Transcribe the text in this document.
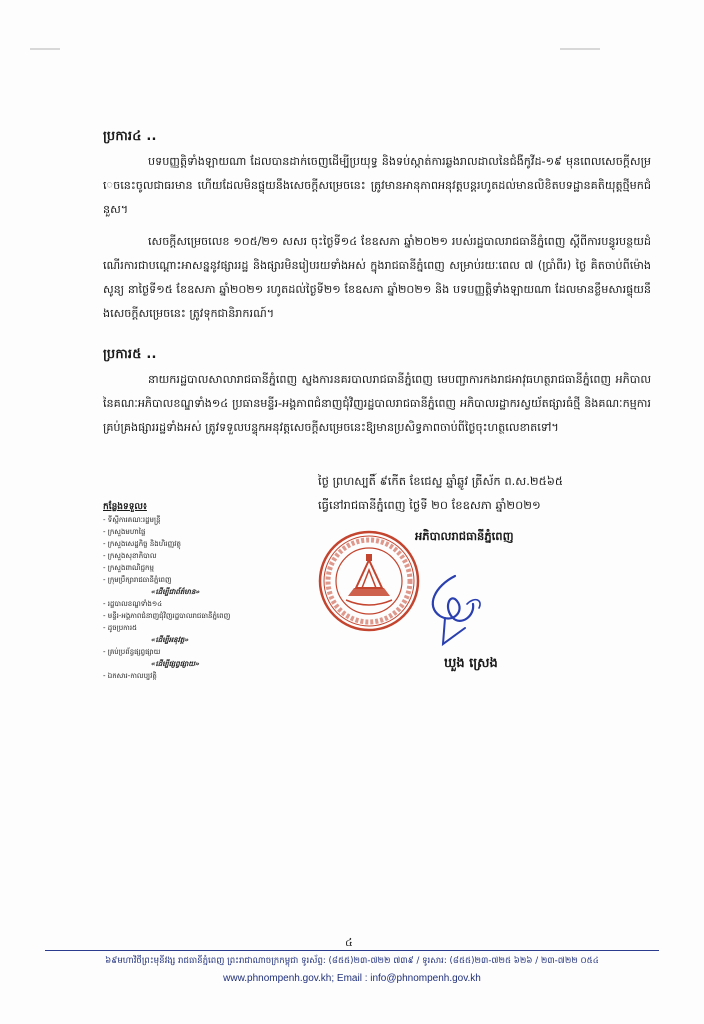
ប្រការ៤ ..
បទបញ្ញត្តិទាំងឡាយណា ដែលបានដាក់ចេញដើម្បីប្រយុទ្ធ និងទប់ស្កាត់ការឆ្លងរាលដាលនៃជំងឺកូវីដ-១៩ មុនពេលសេចក្ដីសម្រេចនេះចូលជាធរមាន ហើយដែលមិនផ្ទុយនឹងសេចក្ដីសម្រេចនេះ ត្រូវមានអានុភាពអនុវត្តបន្តរហូតដល់មានលិខិតបទដ្ឋានគតិយុត្តថ្មីមកជំនួស។
សេចក្ដីសម្រេចលេខ ១០៥/២១ សសរ ចុះថ្ងៃទី១៤ ខែឧសភា ឆ្នាំ២០២១ របស់រដ្ឋបាលរាជធានីភ្នំពេញ ស្ដីពីការបន្ធូរបន្ថយដំណើរការជាបណ្ដោះអាសន្ននូវផ្សាររដ្ឋ និងផ្សារមិនរៀបរយទាំងអស់ ក្នុងរាជធានីភ្នំពេញ សម្រាប់រយៈពេល ៧ (ប្រាំពីរ) ថ្ងៃ គិតចាប់ពីម៉ោងសូន្យ នាថ្ងៃទី១៥ ខែឧសភា ឆ្នាំ២០២១ រហូតដល់ថ្ងៃទី២១ ខែឧសភា ឆ្នាំ២០២១ និង បទបញ្ញត្តិទាំងឡាយណា ដែលមានខ្លឹមសារផ្ទុយនឹងសេចក្ដីសម្រេចនេះ ត្រូវទុកជានិរាករណ៍។
ប្រការ៥ ..
នាយករដ្ឋបាលសាលារាជធានីភ្នំពេញ ស្នងការនគរបាលរាជធានីភ្នំពេញ មេបញ្ជាការកងរាជអាវុធហត្ថរាជធានីភ្នំពេញ អភិបាល នៃគណៈអភិបាលខណ្ឌទាំង១៤ ប្រធានមន្ទីរ-អង្គភាពជំនាញជុំវិញរដ្ឋបាលរាជធានីភ្នំពេញ អភិបាលរដ្ឋាករស្វយ័តផ្សារធំថ្មី និងគណៈកម្មការគ្រប់គ្រងផ្សាររដ្ឋទាំងអស់ ត្រូវទទួលបន្ទុកអនុវត្តសេចក្ដីសម្រេចនេះឱ្យមានប្រសិទ្ធភាពចាប់ពីថ្ងៃចុះហត្ថលេខាតទៅ។
ថ្ងៃ ព្រហស្បតិ៍ ៩កើត ខែជេស្ឋ ឆ្នាំឆ្លូវ ត្រីស័ក ព.ស.២៥៦៥
ធ្វើនៅរាជធានីភ្នំពេញ ថ្ងៃទី ២០ ខែឧសភា ឆ្នាំ២០២១
កន្លែងទទួល៖
- ទីស្ដីការគណៈរដ្ឋមន្ត្រី
- ក្រសួងមហាផ្ទៃ
- ក្រសួងសេដ្ឋកិច្ច និងហិរញ្ញវត្ថុ
- ក្រសួងសុខាភិបាល
- ក្រសួងពាណិជ្ជកម្ម
- ក្រុមប្រឹក្សារាជធានីភ្នំពេញ
«ដើម្បីជាព័ត៌មាន»
- រដ្ឋបាលខណ្ឌទាំង១៤
- មន្ទីរ-អង្គភាពជំនាញជុំវិញរដ្ឋបាលរាជធានីភ្នំពេញ
- ដូចប្រការ៥
«ដើម្បីអនុវត្ត»
- គ្រប់ប្រព័ន្ធផ្សព្វផ្សាយ
«ដើម្បីផ្សព្វផ្សាយ»
- ឯកសារ-កាលប្បវត្តិ
អភិបាលរាជធានីភ្នំពេញ
ឃួង ស្រេង
៤
៦៩មហាវិថីព្រះមុនីវង្ស រាជធានីភ្នំពេញ ព្រះរាជាណាចក្រកម្ពុជា ទូរស័ព្ទ: (៨៥៥)២៣-៧២២ ៧៣៩ / ទូរសារ: (៨៥៥)២៣-៧២៥ ៦២៦ / ២៣-៧២២ ០៥៤
www.phnompenh.gov.kh; Email : info@phnompenh.gov.kh
